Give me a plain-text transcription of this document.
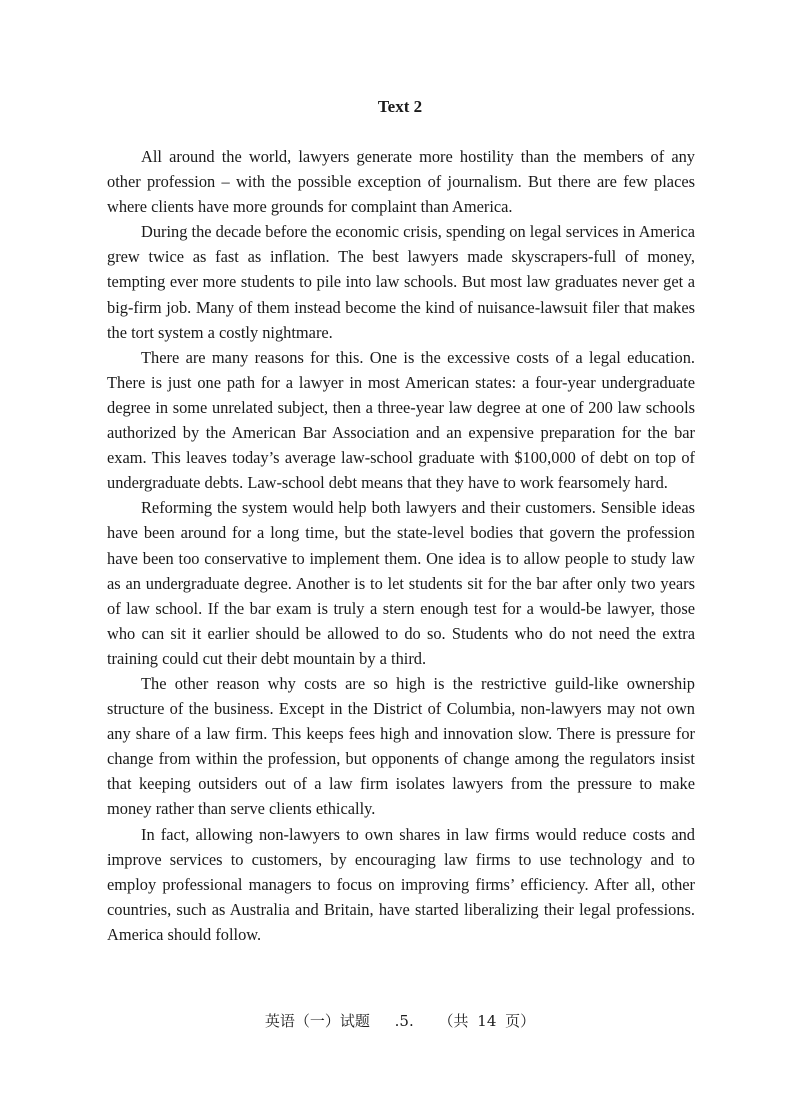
Text 2

All around the world, lawyers generate more hostility than the members of any other profession – with the possible exception of journalism. But there are few places where clients have more grounds for complaint than America.

During the decade before the economic crisis, spending on legal services in America grew twice as fast as inflation. The best lawyers made skyscrapers-full of money, tempting ever more students to pile into law schools. But most law graduates never get a big-firm job. Many of them instead become the kind of nuisance-lawsuit filer that makes the tort system a costly nightmare.

There are many reasons for this. One is the excessive costs of a legal education. There is just one path for a lawyer in most American states: a four-year undergraduate degree in some unrelated subject, then a three-year law degree at one of 200 law schools authorized by the American Bar Association and an expensive preparation for the bar exam. This leaves today’s average law-school graduate with $100,000 of debt on top of undergraduate debts. Law-school debt means that they have to work fearsomely hard.

Reforming the system would help both lawyers and their customers. Sensible ideas have been around for a long time, but the state-level bodies that govern the profession have been too conservative to implement them. One idea is to allow people to study law as an undergraduate degree. Another is to let students sit for the bar after only two years of law school. If the bar exam is truly a stern enough test for a would-be lawyer, those who can sit it earlier should be allowed to do so. Students who do not need the extra training could cut their debt mountain by a third.

The other reason why costs are so high is the restrictive guild-like ownership structure of the business. Except in the District of Columbia, non-lawyers may not own any share of a law firm. This keeps fees high and innovation slow. There is pressure for change from within the profession, but opponents of change among the regulators insist that keeping outsiders out of a law firm isolates lawyers from the pressure to make money rather than serve clients ethically.

In fact, allowing non-lawyers to own shares in law firms would reduce costs and improve services to customers, by encouraging law firms to use technology and to employ professional managers to focus on improving firms’ efficiency. After all, other countries, such as Australia and Britain, have started liberalizing their legal professions. America should follow.

英语（一）试题 .5. （共 14 页）
